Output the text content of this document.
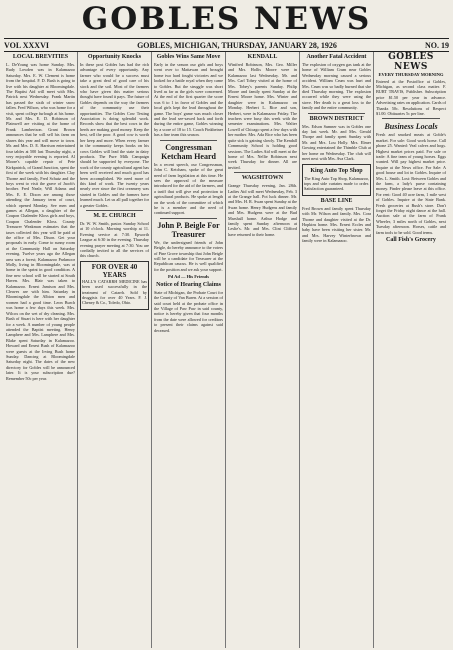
GOBLES NEWS
VOL XXXVI	GOBLES, MICHIGAN, THURSDAY, JANUARY 28, 1926	NO. 19
LOCAL BREVITIES
L. DeYoung was home Sunday. Mrs. Rudy Lowden was in Kalamazoo Saturday. Mrs. E. W. Clement is home from the hospital. F. D. Bush is going to live with his daughter at Bloomingdale. The Baptist Aid will meet with Mrs. Patrick next Wednesday. Frank Martin has passed the sixth of winter snow fallen. Fred Wilson, who was home for a visit, spent college furlough at his home. Mr. and Mrs. E. D. Robinson of Plainwell are visiting at the home of Frank Lambertson. Grant Brown announces that he will sell his farm on shares this year and will move to town. Mr. and Mrs. D. E. Harrison entertained four tables at 500 last Thursday night, a very enjoyable evening is reported. Al Moore's capable repair of Pete Kirkpatrick, of Grand Junction, spent the first of the week with his daughter. Clay Thorne and family, Fred Schutz and the boys went to visit the grave of Jacob's brother. Fred Neale, Will Adams and Mrs. E. E. Dixon are among those attending the January term of court, which opened Monday. See men and games at Allegan, a daughter of the Coupon Chalender Kloss girls and boys, Coupon Chalender Kloss. County Treasurer Weakman estimates that the taxes collected this year will be paid at the office of Mrs. Dixon. Get your proposals in early. Come to sunny room at the Community Hall on Saturday evening. Twelve years ago the Allegan area was a forest; Kalamazoo Parkmoor Molly, living in Bloomingdale, was at home in the sprint in good condition. A fine new school will be started at South Haven. Mrs. Blair was taken to Kalamazoo. Ernest Jamison and Mrs. Cleaves are with him. Saturday in Bloomingdale the Albion men and women had a good time. Leon Burch was home a few days this week. Mrs. Wilcox on the wet of dry cleaning. Mrs. Bush of Stuart is here with her daughter for a week. A number of young people attended the Baptist meeting. Henry Lamphere and Mrs. Lamphere and Mrs. Blake spent Saturday in Kalamazoo. Howard and Ernest Bush of Kalamazoo were guests at the Irving Bush home Sunday. Dancing at Bloomingdale Saturday night. The dates of the new directory for Gobles will be announced later. It is your subscription due? Remember 50c per year.
Opportunity Knocks
In these post Gobles has had the rich advantage of every opportunity. Any farmer who would be a success must take a great deal of good care of his stock and the soil. Most of the farmers who have given this matter serious thought have found it pays. The future of Gobles depends on the way the farmers of the community use their opportunities. The Gobles Cow Testing Association is doing splendid work. Records show that the best cows in the herds are making good money. Keep the best, sell the poor. A good cow is worth her keep and more. When every farmer in the community keeps books on his cows Gobles will lead the state in dairy products. The Pure Milk Campaign should be supported by everyone. The work of the county agricultural agent has been well received and much good has been accomplished. We need more of this kind of work. The twenty years nearly over since the first creamery was started in Gobles and the farmers have learned much. Let us all pull together for a greater Gobles.
M. E. CHURCH
Dr. W. W. Smith, pastor. Sunday School at 10 o'clock. Morning worship at 11. Evening service at 7:30. Epworth League at 6:30 in the evening. Thursday evening prayer meeting at 7:30. You are cordially invited to all the services of this church.
FOR OVER 40 YEARS
HALL'S CATARRH MEDICINE has been used successfully in the treatment of Catarrh. Sold by druggists for over 40 Years. F. J. Cheney & Co., Toledo, Ohio.
Gobles Wins Same Move
Early in the season our girls and boys went over to Mattawan and brought home two hard fought victories and we looked for a battle royal when they came to Gobles. But the struggle was short lived as far as the girls were concerned. At the end of the first quarter the score was 6 to 1 in favor of Gobles and the local girls kept the lead throughout the game. The boys' game was much closer and the lead see-sawed back and forth during the entire game, Gobles winning by a score of 18 to 15. Coach Finkbeiner has a fine team this season.
Congressman Ketcham Heard
In a recent speech, our Congressman, John C. Ketcham, spoke of the great need of farm legislation at this time. He sees the approval of the measure introduced for the aid of the farmers, and a tariff that will give real protection to agricultural products. He spoke at length on the work of the committee of which he is a member and the need of continued support.
John P. Beigle For Treasurer
We, the undersigned friends of John Beigle, do hereby announce to the voters of Pine Grove township that John Beigle will be a candidate for Treasurer at the Republican caucus. He is well qualified for the position and we ask your support.
Pd Ad — His Friends
Notice of Hearing Claims
State of Michigan, the Probate Court for the County of Van Buren. At a session of said court held at the probate office in the Village of Paw Paw in said county, notice is hereby given that four months from the date were allowed for creditors to present their claims against said deceased.
KENDALL
Winifred Robinson, Mrs. Geo. Miller and Mrs. Hollis Moore were in Kalamazoo last Wednesday. Mr. and Mrs. Carl Tobey visited at the home of Mrs. Tobey's parents Sunday. Philip Moore and family spent Sunday at the Ernest Moore home. Mrs. Winter and daughter were in Kalamazoo on Monday. Herbert L. Rice and son, Herbert, were in Kalamazoo Friday. The teachers were busy this week with the semester examinations. Mrs. Walter Lowell of Chicago spent a few days with her mother. Mrs. Ada Rice who has been quite sick is gaining slowly. The Kendall Community School is holding good sessions. The Ladies Aid will meet at the home of Mrs. Nellie Robinson next week Thursday for dinner. All are invited.
WAGSHTOWN
Grange Thursday evening, Jan. 28th. Ladies Aid will meet Wednesday, Feb. 3 at the Grange hall. Pot luck dinner. Mr. and Mrs. H. R. Swan spent Sunday at the Swan home. Henry Hudgens and family and Mrs. Hudgens were at the Bud Marshall home. Arthur Hodge and family spent Sunday afternoon at Leslie's. Mr. and Mrs. Clint Clifford have returned to their home.
Another Fatal Accident
The explosion of oxygen gas tank at the home of William Crum near Gobles Wednesday morning caused a serious accident. William Crum was hurt and Mrs. Crum was so badly burned that she died Thursday morning. The explosion occurred while they were using the stove. Her death is a great loss to the family and the entire community.
BROWN DISTRICT
Mrs. Edson Sumner was in Gobles one day last week. Mr. and Mrs. Gerald Thorpe and family spent Sunday with Mr. and Mrs. Lou Holly. Mrs. Elmer Gowing entertained the Thimble Club at her home on Wednesday. The club will meet next with Mrs. Ava Clark.
King Auto Top Shop
The King Auto Top Shop, Kalamazoo, tops and side curtains made to order. Satisfaction guaranteed.
BASE LINE
Fred Brown and family spent Thursday with Mr. Wilson and family. Mrs. Cora Thorne and daughter visited at the Dr. Hopkins home. Mrs. Ernest Eccles and baby have been visiting her sister. Mr. and Mrs. Harvey Winterbrown and family were in Kalamazoo.
GOBLES NEWS
EVERY THURSDAY MORNING
Entered at the Postoffice at Gobles, Michigan, as second class matter. F. BURT TRAVIS, Publisher. Subscription price $1.50 per year in advance. Advertising rates on application. Cards of Thanks 50c. Resolutions of Respect $1.00. Obituaries 5c per line.
Business Locals
Fresh and smoked meats at Goble's market. For sale: Good work horse. Call phone 25. Wanted: Veal calves and hogs. Highest market prices paid. For sale or trade: A fine team of young horses. Eggs wanted. Will pay highest market price. Inquire at the News office. For Sale: A good house and lot in Gobles. Inquire of Mrs. L. Smith. Lost: Between Gobles and the farm, a lady's purse containing money. Finder please leave at this office. For rent: Good 40 acre farm, 1 mile west of Gobles. Inquire at the State Bank. Fresh groceries at Bush's store. Don't forget the Friday night dance at the hall. Auction sale at the farm of Frank Wheeler, 3 miles north of Gobles, next Tuesday afternoon. Horses, cattle and farm tools to be sold. Good terms.
Call Fish's Grocery
